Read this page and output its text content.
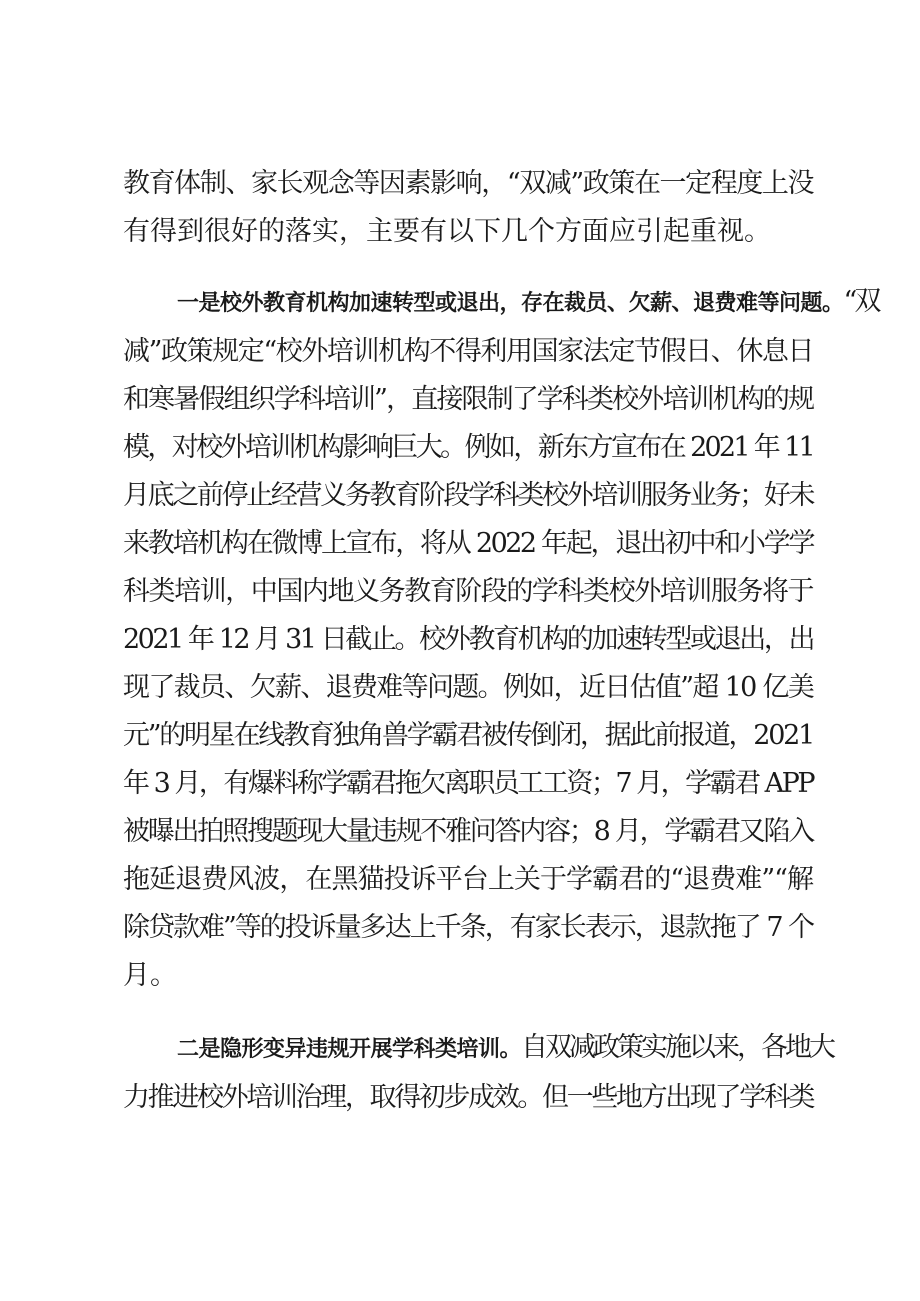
教育体制、家长观念等因素影响，“双减”政策在一定程度上没
有得到很好的落实，主要有以下几个方面应引起重视。
一是校外教育机构加速转型或退出，存在裁员、欠薪、退费难等问题。“双
减”政策规定“校外培训机构不得利用国家法定节假日、休息日
和寒暑假组织学科培训”，直接限制了学科类校外培训机构的规
模，对校外培训机构影响巨大。例如，新东方宣布在 2021 年 11
月底之前停止经营义务教育阶段学科类校外培训服务业务；好未
来教培机构在微博上宣布，将从 2022 年起，退出初中和小学学
科类培训，中国内地义务教育阶段的学科类校外培训服务将于
2021 年 12 月 31 日截止。校外教育机构的加速转型或退出，出
现了裁员、欠薪、退费难等问题。例如，近日估值”超 10 亿美
元”的明星在线教育独角兽学霸君被传倒闭，据此前报道，2021
年 3 月，有爆料称学霸君拖欠离职员工工资；7 月，学霸君 APP
被曝出拍照搜题现大量违规不雅问答内容；8 月，学霸君又陷入
拖延退费风波，在黑猫投诉平台上关于学霸君的“退费难”“解
除贷款难”等的投诉量多达上千条，有家长表示，退款拖了 7 个
月。
二是隐形变异违规开展学科类培训。自双减政策实施以来，各地大
力推进校外培训治理，取得初步成效。但一些地方出现了学科类
